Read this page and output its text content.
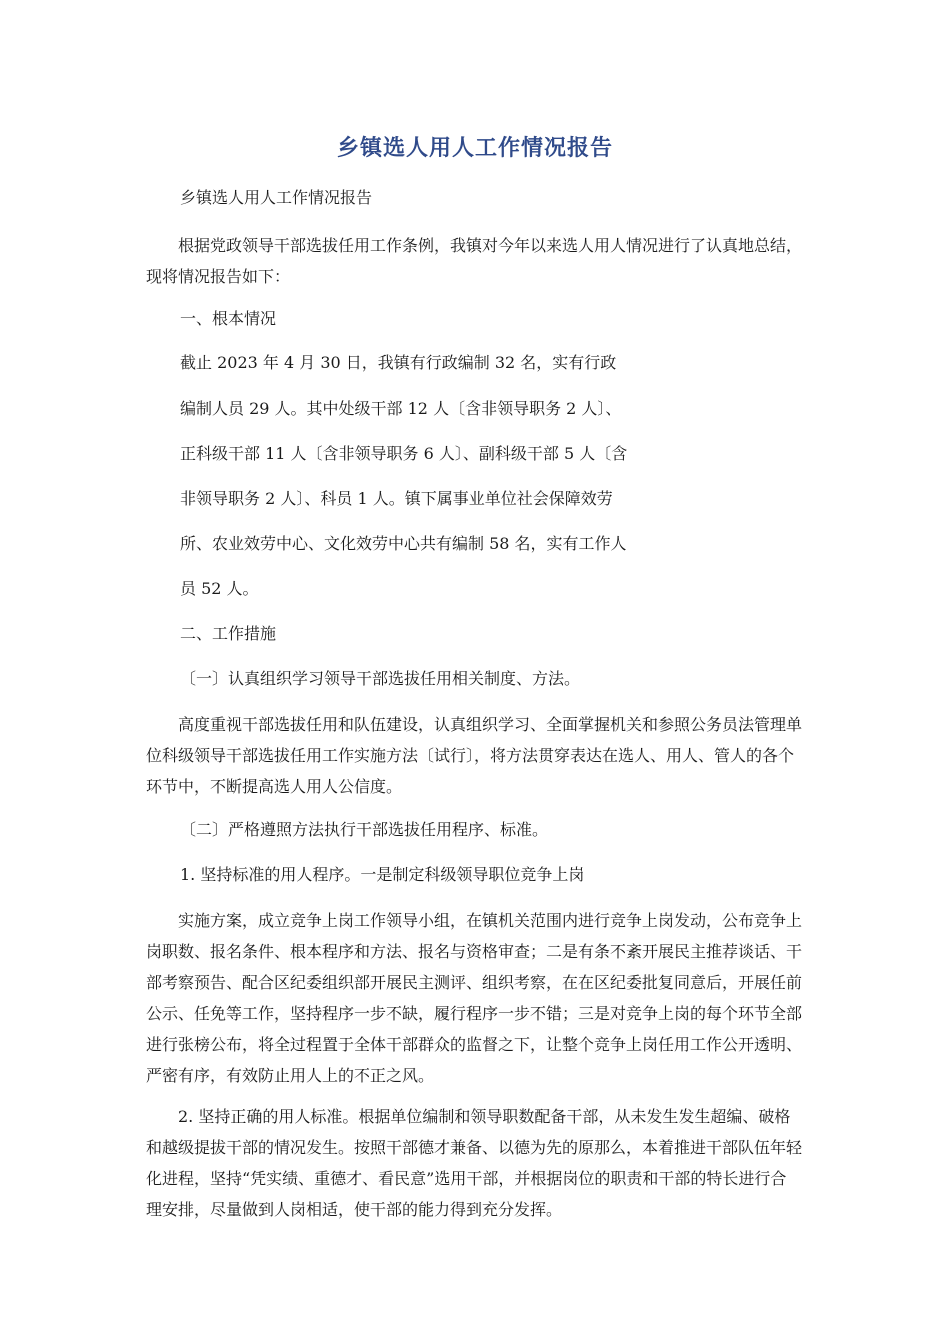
乡镇选人用人工作情况报告

乡镇选人用人工作情况报告

根据党政领导干部选拔任用工作条例，我镇对今年以来选人用人情况进行了认真地总结，现将情况报告如下：

一、根本情况

截止 2023 年 4 月 30 日，我镇有行政编制 32 名，实有行政

编制人员 29 人。其中处级干部 12 人〔含非领导职务 2 人〕、

正科级干部 11 人〔含非领导职务 6 人〕、副科级干部 5 人〔含

非领导职务 2 人〕、科员 1 人。镇下属事业单位社会保障效劳

所、农业效劳中心、文化效劳中心共有编制 58 名，实有工作人

员 52 人。

二、工作措施

〔一〕认真组织学习领导干部选拔任用相关制度、方法。

高度重视干部选拔任用和队伍建设，认真组织学习、全面掌握机关和参照公务员法管理单位科级领导干部选拔任用工作实施方法〔试行〕，将方法贯穿表达在选人、用人、管人的各个环节中，不断提高选人用人公信度。

〔二〕严格遵照方法执行干部选拔任用程序、标准。

1. 坚持标准的用人程序。一是制定科级领导职位竞争上岗

实施方案，成立竞争上岗工作领导小组，在镇机关范围内进行竞争上岗发动，公布竞争上岗职数、报名条件、根本程序和方法、报名与资格审查；二是有条不紊开展民主推荐谈话、干部考察预告、配合区纪委组织部开展民主测评、组织考察，在在区纪委批复同意后，开展任前公示、任免等工作，坚持程序一步不缺，履行程序一步不错；三是对竞争上岗的每个环节全部进行张榜公布，将全过程置于全体干部群众的监督之下，让整个竞争上岗任用工作公开透明、严密有序，有效防止用人上的不正之风。

2. 坚持正确的用人标准。根据单位编制和领导职数配备干部，从未发生发生超编、破格和越级提拔干部的情况发生。按照干部德才兼备、以德为先的原那么，本着推进干部队伍年轻化进程，坚持“凭实绩、重德才、看民意”选用干部，并根据岗位的职责和干部的特长进行合理安排，尽量做到人岗相适，使干部的能力得到充分发挥。
